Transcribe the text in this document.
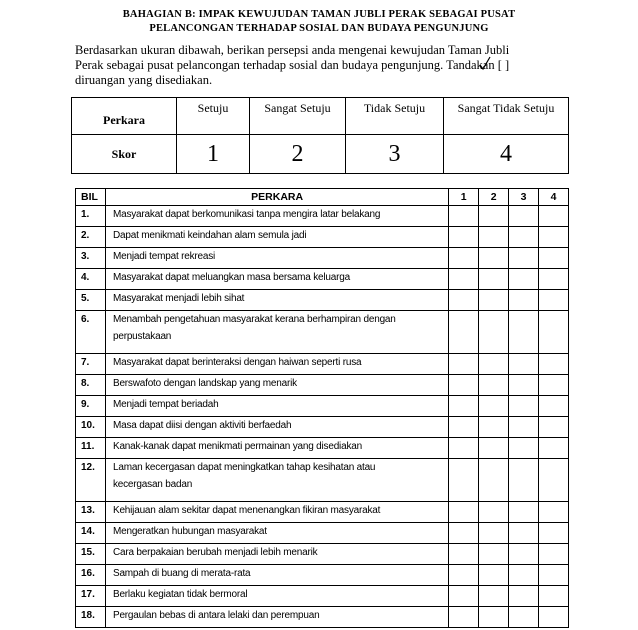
BAHAGIAN B: IMPAK KEWUJUDAN TAMAN JUBLI PERAK SEBAGAI PUSAT
PELANCONGAN TERHADAP SOSIAL DAN BUDAYA PENGUNJUNG
Berdasarkan ukuran dibawah, berikan persepsi anda mengenai kewujudan Taman Jubli
Perak sebagai pusat pelancongan terhadap sosial dan budaya pengunjung. Tandakan [ ]
diruangan yang disediakan.
Perkara	Setuju	Sangat Setuju	Tidak Setuju	Sangat Tidak Setuju
Skor	1	2	3	4
BIL	PERKARA	1	2	3	4
1.	Masyarakat dapat berkomunikasi tanpa mengira latar belakang				
2.	Dapat menikmati keindahan alam semula jadi				
3.	Menjadi tempat rekreasi				
4.	Masyarakat dapat meluangkan masa bersama keluarga				
5.	Masyarakat menjadi lebih sihat				
6.	Menambah pengetahuan masyarakat kerana berhampiran dengan
perpustakaan				

7.	Masyarakat dapat berinteraksi dengan haiwan seperti rusa				
8.	Berswafoto dengan landskap yang menarik				
9.	Menjadi tempat beriadah				
10.	Masa dapat diisi dengan aktiviti berfaedah				
11.	Kanak-kanak dapat menikmati permainan yang disediakan				
12.	Laman kecergasan dapat meningkatkan tahap kesihatan atau
kecergasan badan				

13.	Kehijauan alam sekitar dapat menenangkan fikiran masyarakat				
14.	Mengeratkan hubungan masyarakat				
15.	Cara berpakaian berubah menjadi lebih menarik				
16.	Sampah di buang di merata-rata				
17.	Berlaku kegiatan tidak bermoral				
18.	Pergaulan bebas di antara lelaki dan perempuan				
